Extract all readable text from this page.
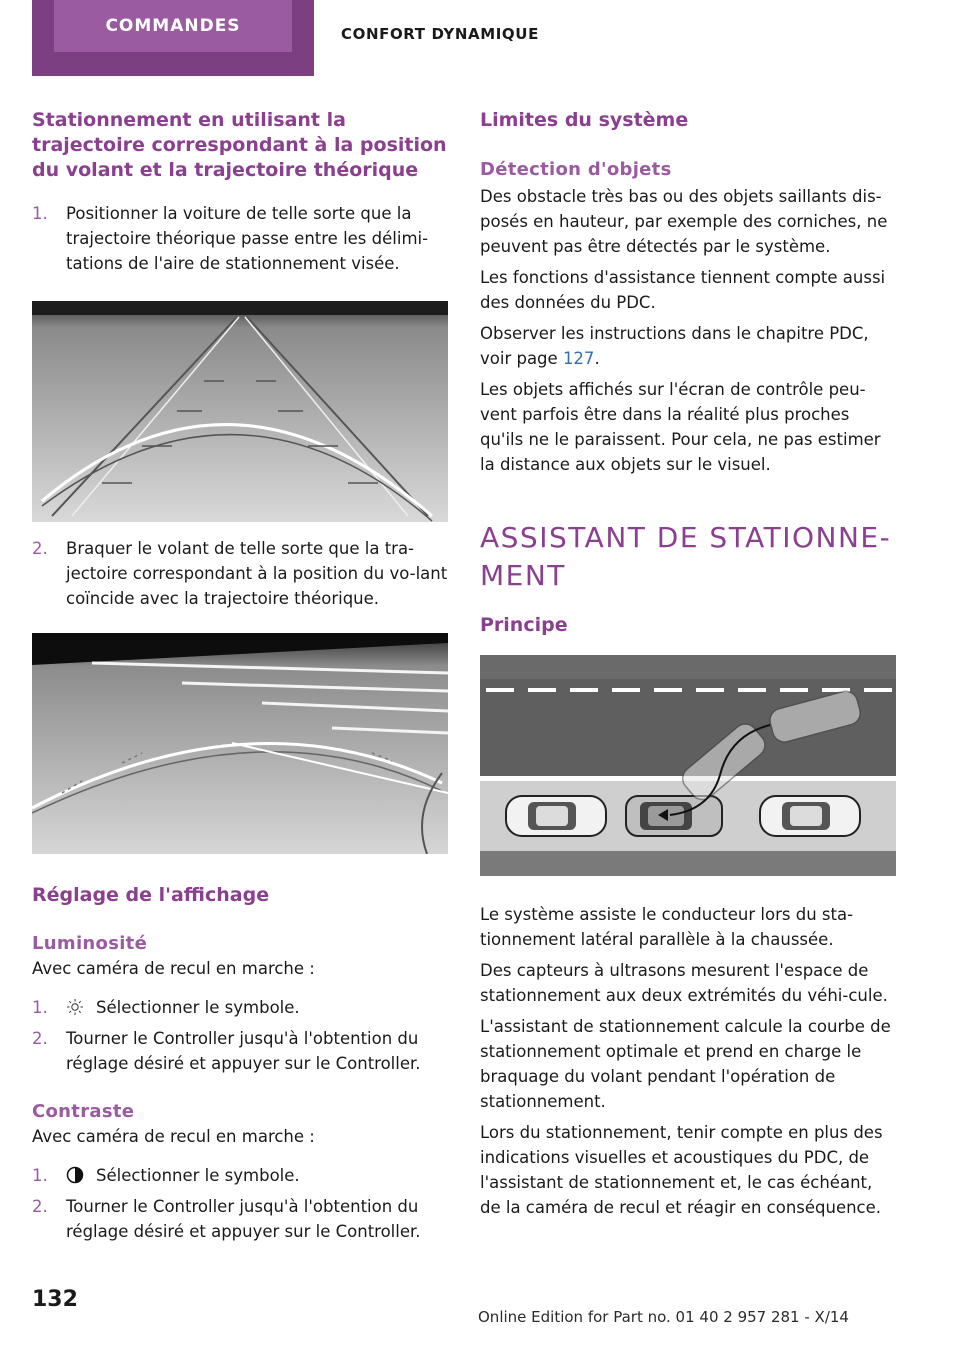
COMMANDES	CONFORT DYNAMIQUE
Stationnement en utilisant la trajectoire correspondant à la position du volant et la trajectoire théorique
1.	Positionner la voiture de telle sorte que la trajectoire théorique passe entre les délimi-tations de l'aire de stationnement visée.
2.	Braquer le volant de telle sorte que la tra-jectoire correspondant à la position du vo-lant coïncide avec la trajectoire théorique.
Réglage de l'affichage
Luminosité

Avec caméra de recul en marche :

1.	Sélectionner le symbole.
2.	Tourner le Controller jusqu'à l'obtention du réglage désiré et appuyer sur le Controller.
Contraste

Avec caméra de recul en marche :

1.	Sélectionner le symbole.
2.	Tourner le Controller jusqu'à l'obtention du réglage désiré et appuyer sur le Controller.
Limites du système
Détection d'objets

Des obstacle très bas ou des objets saillants dis-posés en hauteur, par exemple des corniches, ne peuvent pas être détectés par le système.

Les fonctions d'assistance tiennent compte aussi des données du PDC.

Observer les instructions dans le chapitre PDC, voir page 127.

Les objets affichés sur l'écran de contrôle peu-vent parfois être dans la réalité plus proches qu'ils ne le paraissent. Pour cela, ne pas estimer la distance aux objets sur le visuel.

ASSISTANT DE STATIONNE-
MENT
Principe

Le système assiste le conducteur lors du sta-tionnement latéral parallèle à la chaussée.

Des capteurs à ultrasons mesurent l'espace de stationnement aux deux extrémités du véhi-cule.

L'assistant de stationnement calcule la courbe de stationnement optimale et prend en charge le braquage du volant pendant l'opération de stationnement.

Lors du stationnement, tenir compte en plus des indications visuelles et acoustiques du PDC, de l'assistant de stationnement et, le cas échéant, de la caméra de recul et réagir en conséquence.

132
Online Edition for Part no. 01 40 2 957 281 - X/14
